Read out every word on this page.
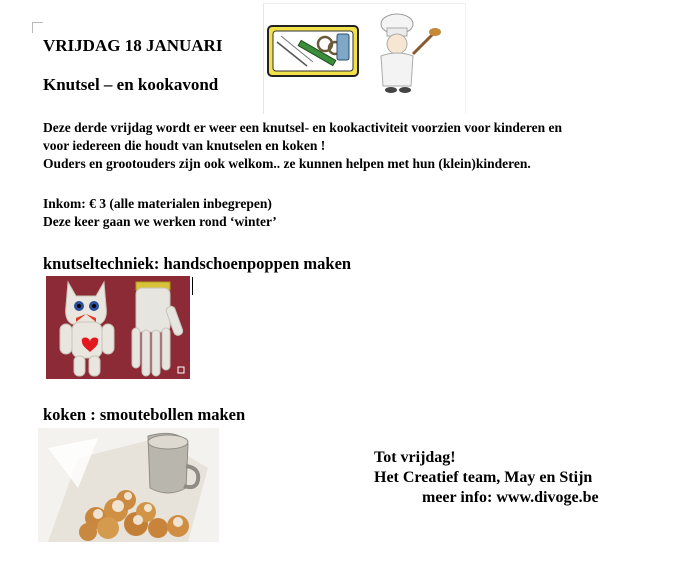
VRIJDAG 18 JANUARI
Knutsel – en kookavond
Deze derde vrijdag wordt er weer een knutsel- en kookactiviteit voorzien voor kinderen en
voor iedereen die houdt van knutselen en koken !
Ouders en grootouders zijn ook welkom.. ze kunnen helpen met hun (klein)kinderen.
Inkom: € 3 (alle materialen inbegrepen)
Deze keer gaan we werken rond ‘winter’
knutseltechniek: handschoenpoppen maken
koken : smoutebollen maken
Tot vrijdag!
Het Creatief team, May en Stijn
meer info: www.divoge.be
